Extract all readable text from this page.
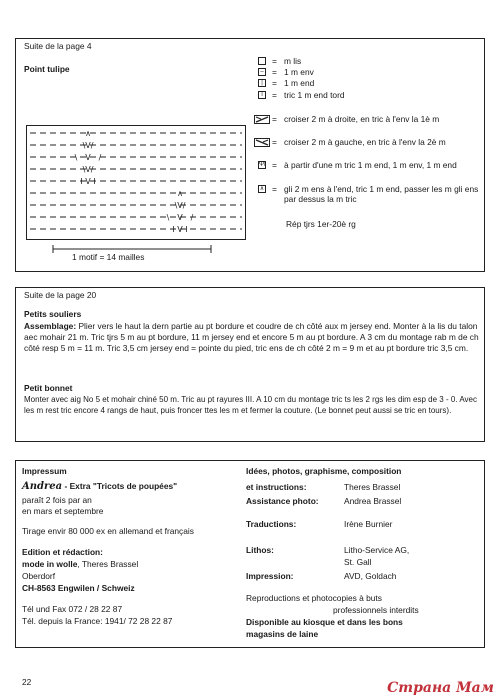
Suite de la page 4
Point tulipe
∧
\V/
\ V /
\V/
I V I
∧
\V/
\ V /
I V I
1 motif = 14 mailles
= m lis
– = 1 m env
|	= 1 m end
l	= tric 1 m end tord
= croiser 2 m à droite, en tric à l'env la 1è m
= croiser 2 m à gauche, en tric à l'env la 2è m
ΨΙ = à partir d'une m tric 1 m end, 1 m env, 1 m end
∧ = gli 2 m ens à l'end, tric 1 m end, passer les m gli ens par dessus la m tric
Rép tjrs 1er-20è rg
Suite de la page 20
Petits souliers
Assemblage: Plier vers le haut la dern partie au pt bordure et coudre de ch côté aux m jersey end. Monter à la lis du talon aec mohair 21 m. Tric tjrs 5 m au pt bordure, 11 m jersey end et encore 5 m au pt bordure. A 3 cm du montage rab m de ch côté resp 5 m = 11 m. Tric 3,5 cm jersey end = pointe du pied, tric ens de ch côté 2 m = 9 m et au pt bordure tric 3,5 cm.
Petit bonnet
Monter avec aig No 5 et mohair chiné 50 m. Tric au pt rayures III. A 10 cm du montage tric ts les 2 rgs les dim esp de 3 - 0. Avec les m rest tric encore 4 rangs de haut, puis froncer ttes les m et fermer la couture. (Le bonnet peut aussi se tric en tours).
Impressum
Andrea - Extra "Tricots de poupées"
paraît 2 fois par an
en mars et septembre
Tirage envir 80 000 ex en allemand et français
Edition et rédaction:
mode in wolle, Theres Brassel
Oberdorf
CH-8563 Engwilen / Schweiz
Tél und Fax 072 / 28 22 87
Tél. depuis la France: 1941/ 72 28 22 87
Idées, photos, graphisme, composition
et instructions:	Theres Brassel
Assistance photo:	Andrea Brassel
Traductions:	Irène Burnier
Lithos:	Litho-Service AG,
St. Gall
Impression:	AVD, Goldach
Reproductions et photocopies à buts
professionnels interdits
Disponible au kiosque et dans les bons
magasins de laine
22	Страна Мам
